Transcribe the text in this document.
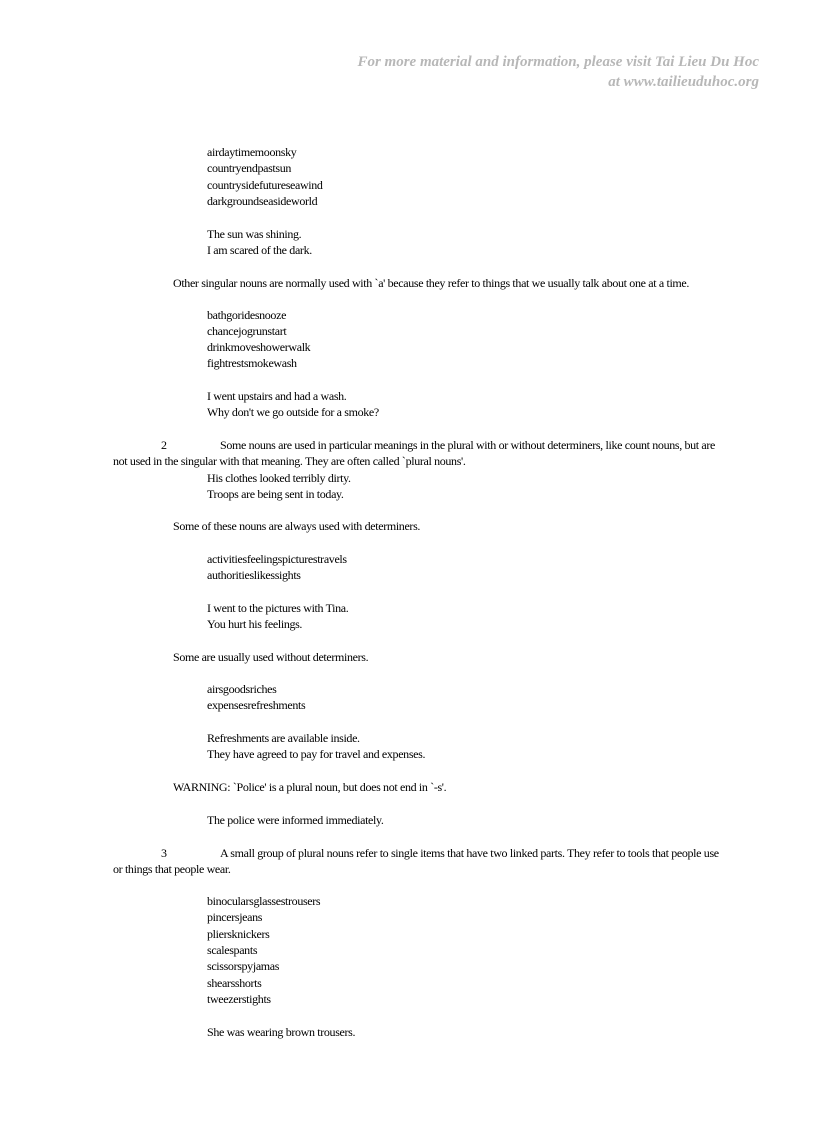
For more material and information, please visit Tai Lieu Du Hoc
at www.tailieuduhoc.org
airdaytimemoonsky
countryendpastsun
countrysidefutureseawind
darkgroundseasideworld
The sun was shining.
I am scared of the dark.
Other singular nouns are normally used with `a' because they refer to things that we usually talk about one at a time.
bathgoridesnooze
chancejogrunstart
drinkmoveshowerwalk
fightrestsmokewash
I went upstairs and had a wash.
Why don't we go outside for a smoke?
2	Some nouns are used in particular meanings in the plural with or without determiners, like count nouns, but are
not used in the singular with that meaning. They are often called `plural nouns'.
His clothes looked terribly dirty.
Troops are being sent in today.
Some of these nouns are always used with determiners.
activitiesfeelingspicturestravels
authoritieslikessights
I went to the pictures with Tina.
You hurt his feelings.
Some are usually used without determiners.
airsgoodsriches
expensesrefreshments
Refreshments are available inside.
They have agreed to pay for travel and expenses.
WARNING: `Police' is a plural noun, but does not end in `-s'.
The police were informed immediately.
3	A small group of plural nouns refer to single items that have two linked parts. They refer to tools that people use
or things that people wear.
binocularsglassestrousers
pincersjeans
pliersknickers
scalespants
scissorspyjamas
shearsshorts
tweezerstights
She was wearing brown trousers.
